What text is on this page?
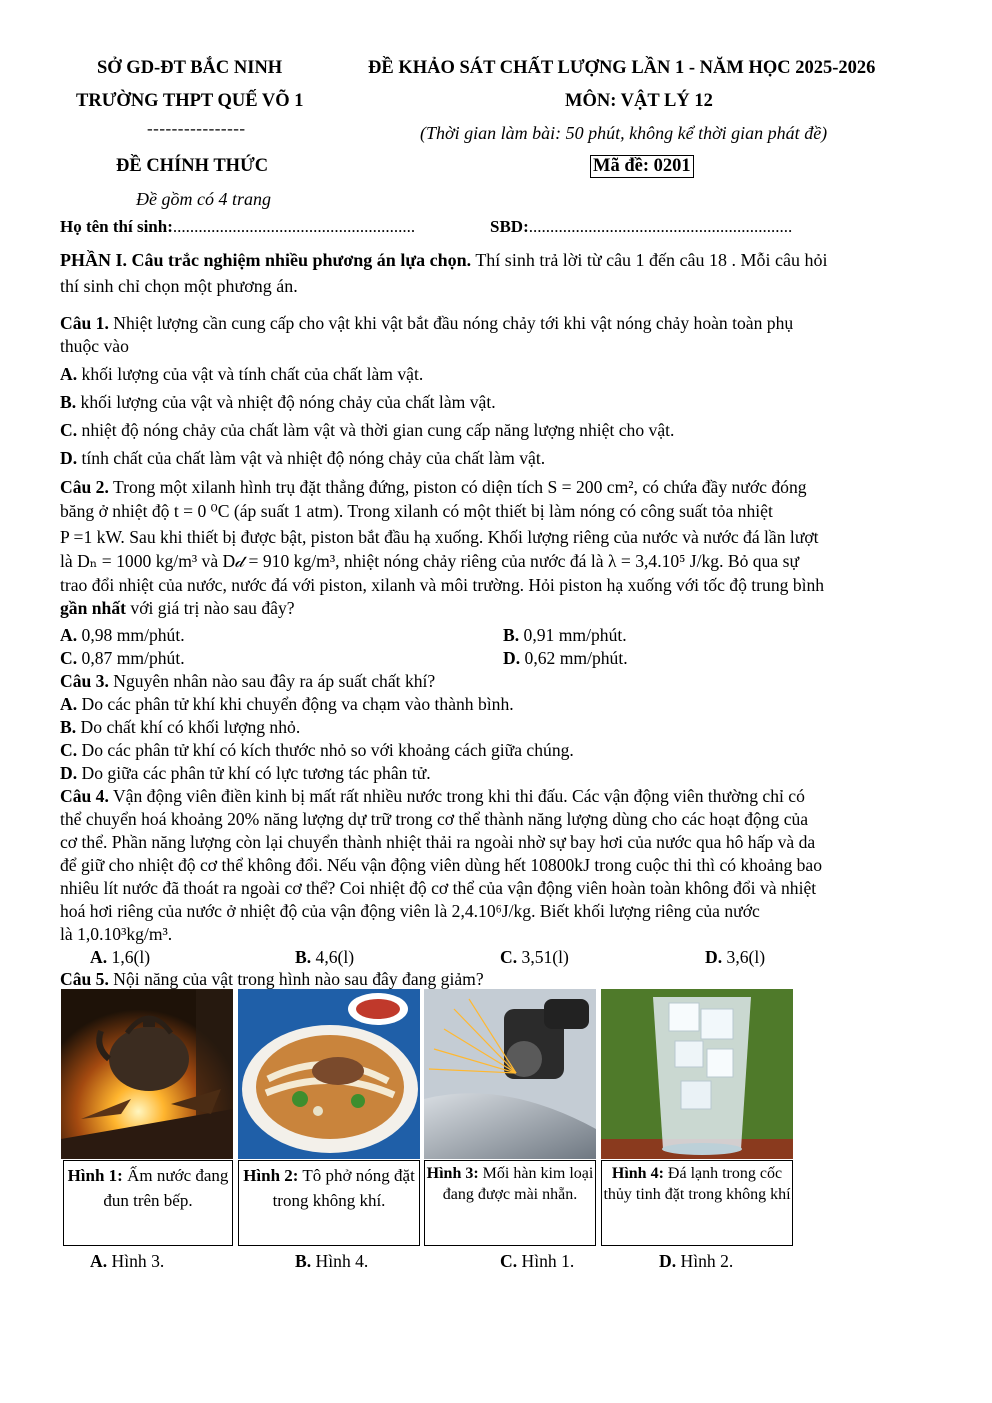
SỞ GD-ĐT BẮC NINH
TRƯỜNG THPT QUẾ VÕ 1
----------------
ĐỀ CHÍNH THỨC
Đề gồm có 4 trang
ĐỀ KHẢO SÁT CHẤT LƯỢNG LẦN 1 - NĂM HỌC 2025-2026
MÔN: VẬT LÝ 12
(Thời gian làm bài: 50 phút, không kể thời gian phát đề)
Mã đề: 0201
Họ tên thí sinh:.........................................................	SBD:..............................................................
PHẦN I. Câu trắc nghiệm nhiều phương án lựa chọn. Thí sinh trả lời từ câu 1 đến câu 18 . Mỗi câu hỏi
thí sinh chỉ chọn một phương án.
Câu 1. Nhiệt lượng cần cung cấp cho vật khi vật bắt đầu nóng chảy tới khi vật nóng chảy hoàn toàn phụ
thuộc vào
A. khối lượng của vật và tính chất của chất làm vật.
B. khối lượng của vật và nhiệt độ nóng chảy của chất làm vật.
C. nhiệt độ nóng chảy của chất làm vật và thời gian cung cấp năng lượng nhiệt cho vật.
D. tính chất của chất làm vật và nhiệt độ nóng chảy của chất làm vật.
Câu 2. Trong một xilanh hình trụ đặt thẳng đứng, piston có diện tích S = 200 cm², có chứa đầy nước đóng
băng ở nhiệt độ t = 0 ⁰C (áp suất 1 atm). Trong xilanh có một thiết bị làm nóng có công suất tỏa nhiệt
P =1 kW. Sau khi thiết bị được bật, piston bắt đầu hạ xuống. Khối lượng riêng của nước và nước đá lần lượt
là Dₙ = 1000 kg/m³ và D𝒹 = 910 kg/m³, nhiệt nóng chảy riêng của nước đá là λ = 3,4.10⁵ J/kg. Bỏ qua sự
trao đổi nhiệt của nước, nước đá với piston, xilanh và môi trường. Hỏi piston hạ xuống với tốc độ trung bình
gần nhất với giá trị nào sau đây?
A. 0,98 mm/phút.	B. 0,91 mm/phút.
C. 0,87 mm/phút.	D. 0,62 mm/phút.
Câu 3. Nguyên nhân nào sau đây ra áp suất chất khí?
A. Do các phân tử khí khi chuyển động va chạm vào thành bình.
B. Do chất khí có khối lượng nhỏ.
C. Do các phân tử khí có kích thước nhỏ so với khoảng cách giữa chúng.
D. Do giữa các phân tử khí có lực tương tác phân tử.
Câu 4. Vận động viên điền kinh bị mất rất nhiều nước trong khi thi đấu. Các vận động viên thường chỉ có
thể chuyển hoá khoảng 20% năng lượng dự trữ trong cơ thể thành năng lượng dùng cho các hoạt động của
cơ thể. Phần năng lượng còn lại chuyển thành nhiệt thải ra ngoài nhờ sự bay hơi của nước qua hô hấp và da
để giữ cho nhiệt độ cơ thể không đổi. Nếu vận động viên dùng hết 10800kJ trong cuộc thi thì có khoảng bao
nhiêu lít nước đã thoát ra ngoài cơ thể? Coi nhiệt độ cơ thể của vận động viên hoàn toàn không đổi và nhiệt
hoá hơi riêng của nước ở nhiệt độ của vận động viên là 2,4.10⁶J/kg. Biết khối lượng riêng của nước
là 1,0.10³kg/m³.
A. 1,6(l)	B. 4,6(l)	C. 3,51(l)	D. 3,6(l)
Câu 5. Nội năng của vật trong hình nào sau đây đang giảm?
Hình 1: Ấm nước đang đun trên bếp.
Hình 2: Tô phở nóng đặt trong không khí.
Hình 3: Mối hàn kim loại đang được mài nhẵn.
Hình 4: Đá lạnh trong cốc thủy tinh đặt trong không khí
A. Hình 3.	B. Hình 4.	C. Hình 1.	D. Hình 2.
